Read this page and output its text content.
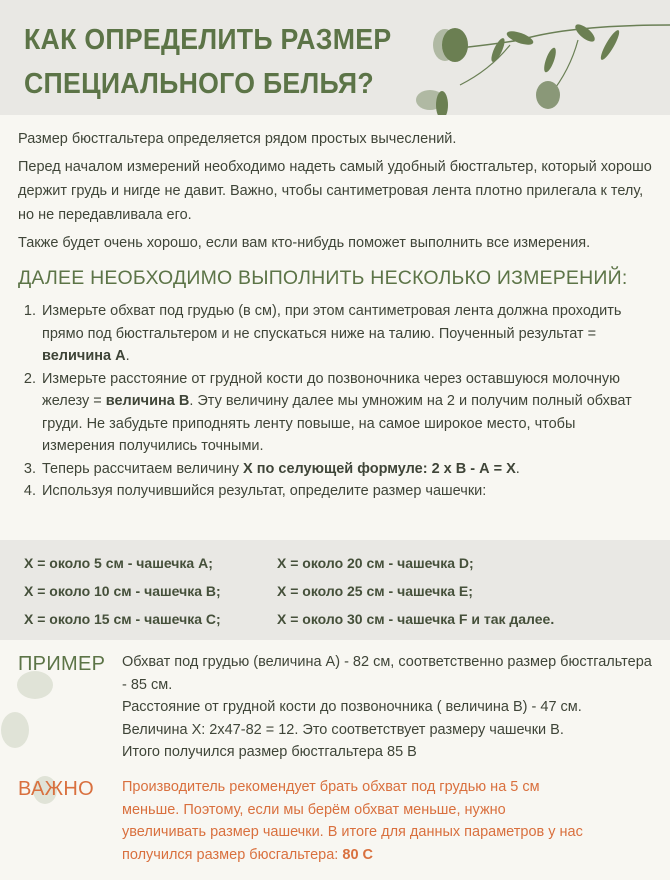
КАК ОПРЕДЕЛИТЬ РАЗМЕР
СПЕЦИАЛЬНОГО БЕЛЬЯ?

Размер бюстгальтера определяется рядом простых вычеслений.

Перед началом измерений необходимо надеть самый удобный бюстгальтер, который хорошо держит грудь и нигде не давит. Важно, чтобы сантиметровая лента плотно прилегала к телу, но не передавливала его.

Также будет очень хорошо, если вам кто-нибудь поможет выполнить все измерения.

ДАЛЕЕ НЕОБХОДИМО ВЫПОЛНИТЬ НЕСКОЛЬКО ИЗМЕРЕНИЙ:
1. Измерьте обхват под грудью (в см), при этом сантиметровая лента должна проходить прямо под бюстгальтером и не спускаться ниже на талию. Поученный результат = величина А.
2. Измерьте расстояние от грудной кости до позвоночника через оставшуюся молочную железу = величина В. Эту величину далее мы умножим на 2 и получим полный обхват груди. Не забудьте приподнять ленту повыше, на самое широкое место, чтобы измерения получились точными.
3. Теперь рассчитаем величину Х по селующей формуле: 2 х В - А = Х.
4. Используя получившийся результат, определите размер чашечки:
X = около 5 см - чашечка A;
X = около 10 см - чашечка B;
X = около 15 см - чашечка C;
X = около 20 см - чашечка D;
X = около 25 см - чашечка E;
X = около 30 см - чашечка F и так далее.
ПРИМЕР Обхват под грудью (величина А) - 82 см, соответственно размер бюстгальтера - 85 см.
Расстояние от грудной кости до позвоночника ( величина В) - 47 см.
Величина Х: 2х47-82 = 12. Это соответствует размеру чашечки В.
Итого получился размер бюстгальтера 85 В
ВАЖНО Производитель рекомендует брать обхват под грудью на 5 см меньше. Поэтому, если мы берём обхват меньше, нужно увеличивать размер чашечки. В итоге для данных параметров у нас получился размер бюсгальтера: 80 С
